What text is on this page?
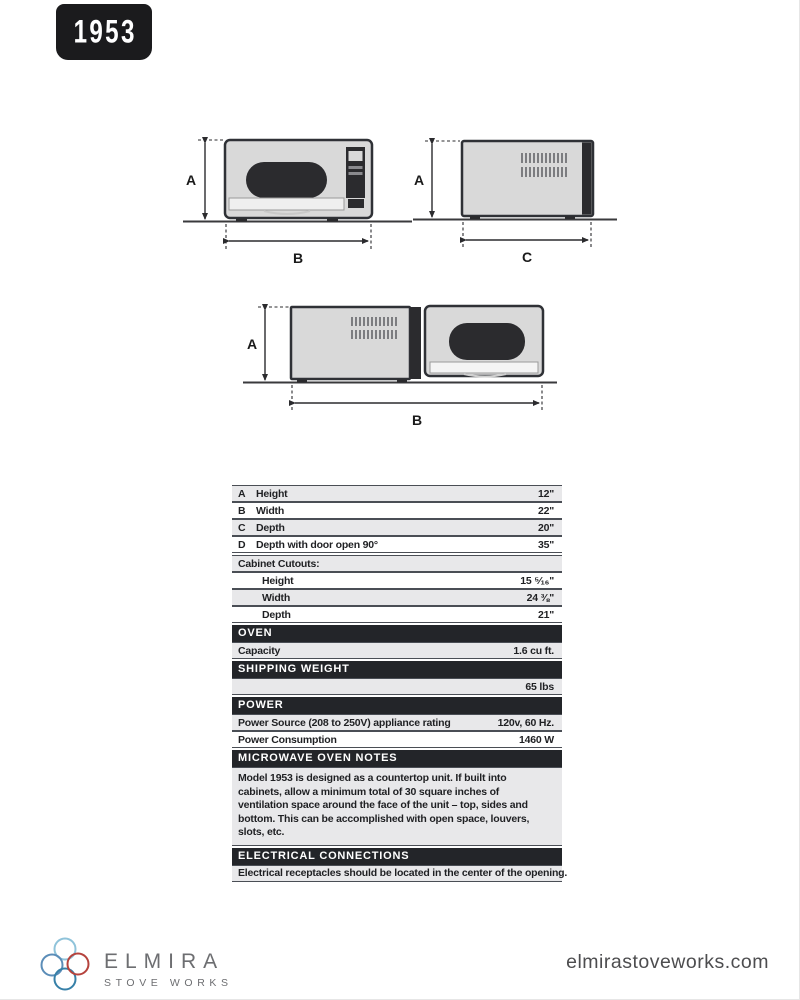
1953
A
B
A
C
A
B
A	Height	12"
B	Width	22"
C	Depth	20"
D	Depth with door open 90°	35"
Cabinet Cutouts:
Height	15 ⁵⁄₁₆"
Width	24 ⅜"
Depth	21"
OVEN
Capacity	1.6 cu ft.
SHIPPING WEIGHT
65 lbs
POWER
Power Source (208 to 250V) appliance rating	120v, 60 Hz.
Power Consumption	1460 W
MICROWAVE OVEN NOTES
Model 1953 is designed as a countertop unit. If built into cabinets, allow a minimum total of 30 square inches of ventilation space around the face of the unit – top, sides and bottom. This can be accomplished with open space, louvers, slots, etc.
ELECTRICAL CONNECTIONS
Electrical receptacles should be located in the center of the opening.
ELMIRA
STOVE WORKS
elmirastoveworks.com
